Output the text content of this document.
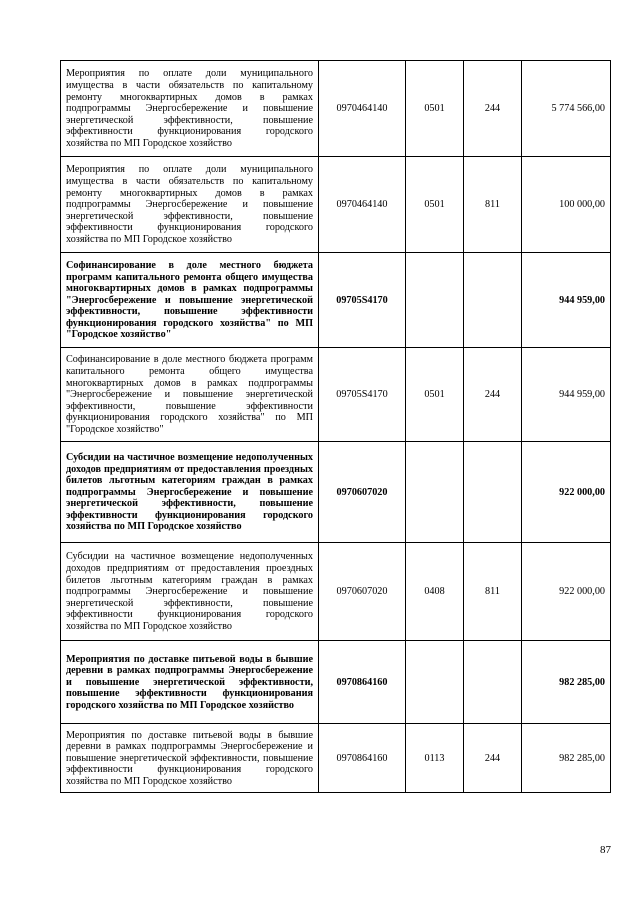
Мероприятия по оплате доли муниципального имущества в части обязательств по капитальному ремонту многоквартирных домов в рамках подпрограммы Энергосбережение и повышение энергетической эффективности, повышение эффективности функционирования городского хозяйства по МП Городское хозяйство	0970464140	0501	244	5 774 566,00
Мероприятия по оплате доли муниципального имущества в части обязательств по капитальному ремонту многоквартирных домов в рамках подпрограммы Энергосбережение и повышение энергетической эффективности, повышение эффективности функционирования городского хозяйства по МП Городское хозяйство	0970464140	0501	811	100 000,00
Софинансирование в доле местного бюджета программ капитального ремонта общего имущества многоквартирных домов в рамках подпрограммы "Энергосбережение и повышение энергетической эффективности, повышение эффективности функционирования городского хозяйства" по МП "Городское хозяйство"	09705S4170			944 959,00
Софинансирование в доле местного бюджета программ капитального ремонта общего имущества многоквартирных домов в рамках подпрограммы "Энергосбережение и повышение энергетической эффективности, повышение эффективности функционирования городского хозяйства" по МП "Городское хозяйство"	09705S4170	0501	244	944 959,00
Субсидии на частичное возмещение недополученных доходов предприятиям от предоставления проездных билетов льготным категориям граждан в рамках подпрограммы Энергосбережение и повышение энергетической эффективности, повышение эффективности функционирования городского хозяйства по МП Городское хозяйство	0970607020			922 000,00
Субсидии на частичное возмещение недополученных доходов предприятиям от предоставления проездных билетов льготным категориям граждан в рамках подпрограммы Энергосбережение и повышение энергетической эффективности, повышение эффективности функционирования городского хозяйства по МП Городское хозяйство	0970607020	0408	811	922 000,00
Мероприятия по доставке питьевой воды в бывшие деревни в рамках подпрограммы Энергосбережение и повышение энергетической эффективности, повышение эффективности функционирования городского хозяйства по МП Городское хозяйство	0970864160			982 285,00
Мероприятия по доставке питьевой воды в бывшие деревни в рамках подпрограммы Энергосбережение и повышение энергетической эффективности, повышение эффективности функционирования городского хозяйства по МП Городское хозяйство	0970864160	0113	244	982 285,00
87
